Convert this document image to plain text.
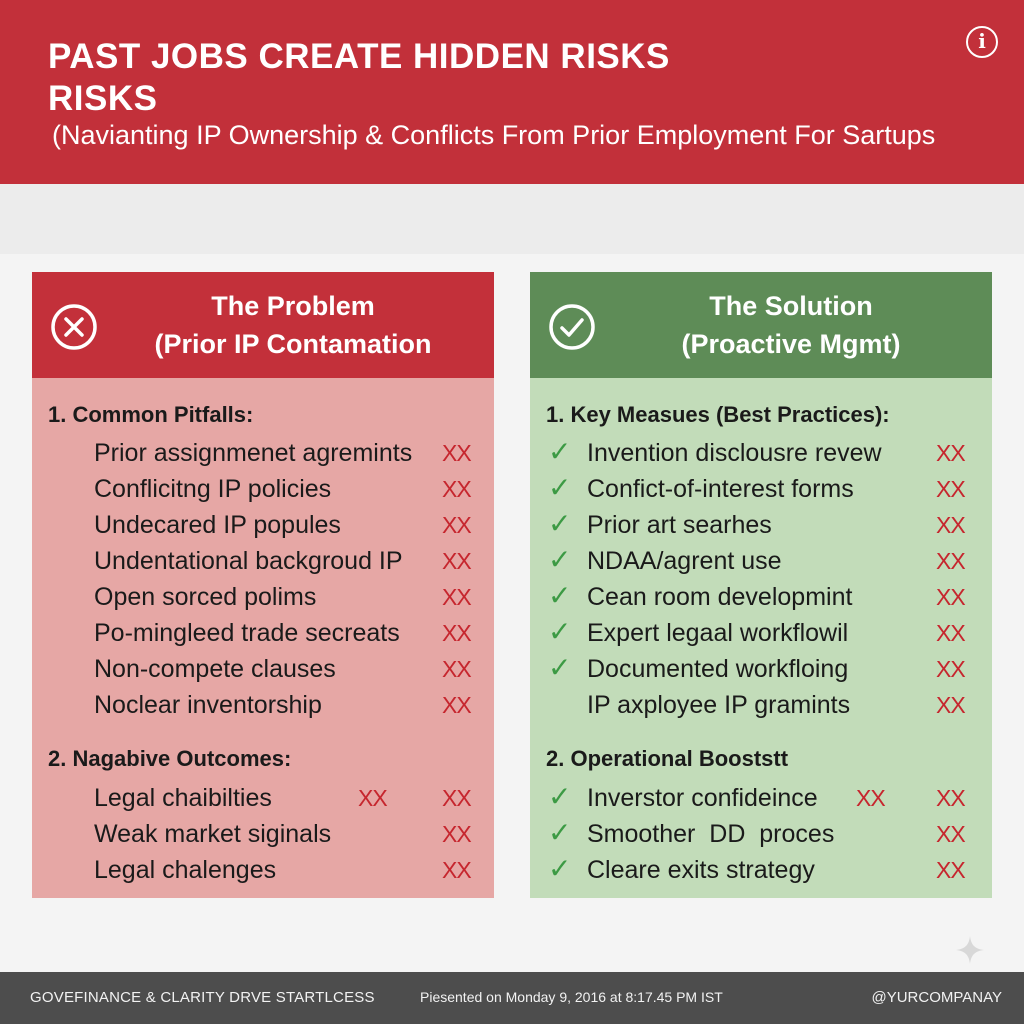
PAST JOBS CREATE HIDDEN RISKS
RISKS
(Navianting IP Ownership & Conflicts From Prior Employment For Sartups
i
The Problem
(Prior IP Contamation
1. Common Pitfalls:
Prior assignmenet agremints XX
Conflicitng IP policies	XX
Undecared IP popules	XX
Undentational backgroud IP XX
Open sorced polims	XX
Po-mingleed trade secreats XX
Non-compete clauses	XX
Noclear inventorship	XX
2. Nagabive Outcomes:
Legal chaibilties	XX XX
Weak market siginals	XX
Legal chalenges	XX
The Solution
(Proactive Mgmt)
1. Key Measues (Best Practices):
✓ Invention disclousre revew XX
✓ Confict-of-interest forms	XX
✓ Prior art searhes	XX
✓ NDAA/agrent use	XX
✓ Cean room developmint	XX
✓ Expert legaal workflowil	XX
✓ Documented workfloing	XX
IP axployee IP gramints	XX
2. Operational Booststt
✓ Inverstor confideince XX XX
✓ Smoother  DD  proces	XX
✓ Cleare exits strategy	XX
GOVEFINANCE & CLARITY DRVE STARTLCESS	Piesented on Monday 9, 2016 at 8:17.45 PM IST	@YURCOMPANAY
